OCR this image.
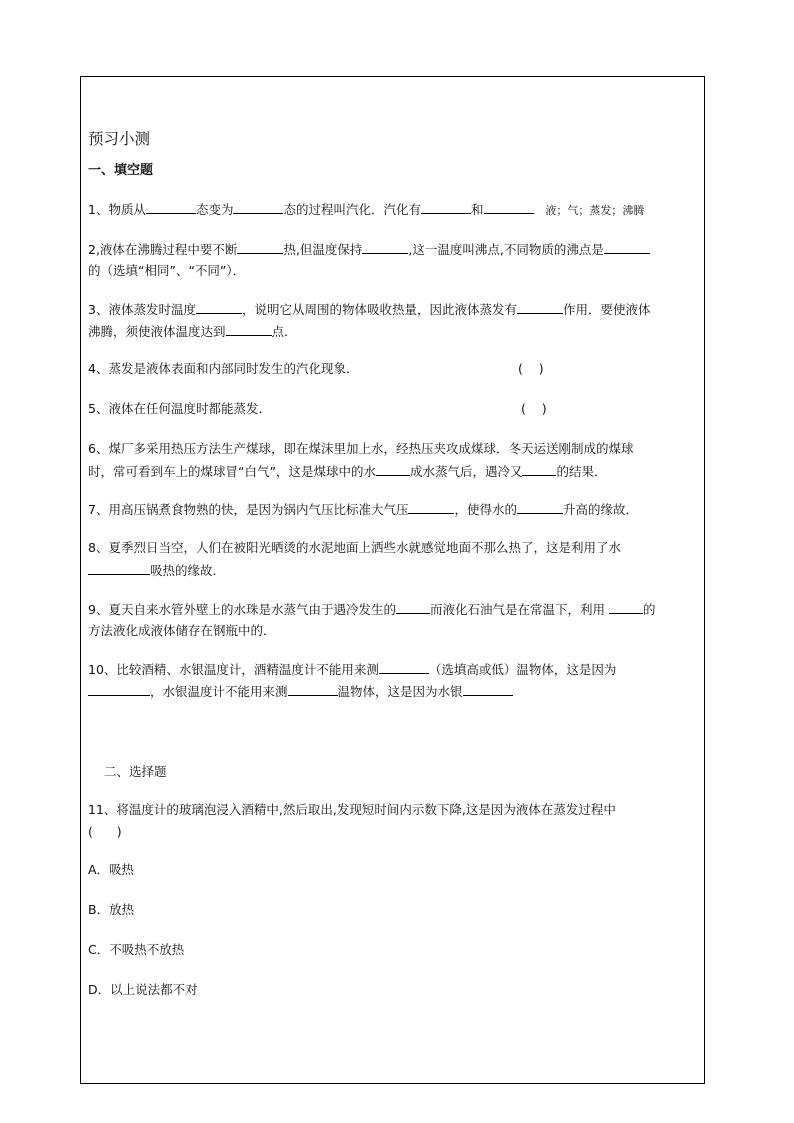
预习小测
一、填空题
1、物质从	态变为	态的过程叫汽化．汽化有	和	液；气；蒸发；沸腾
2,液体在沸腾过程中要不断	热,但温度保持	,这一温度叫沸点,不同物质的沸点是
的（选填“相同”、“不同”）．
3、液体蒸发时温度	，说明它从周围的物体吸收热量，因此液体蒸发有	作用．要使液体
沸腾，须使液体温度达到	点．
4、蒸发是液体表面和内部同时发生的汽化现象．	(    )
5、液体在任何温度时都能蒸发．	(    )
6、煤厂多采用热压方法生产煤球，即在煤沫里加上水，经热压夹攻成煤球．冬天运送刚制成的煤球
时，常可看到车上的煤球冒“白气”，这是煤球中的水	成水蒸气后，遇冷又	的结果．
7、用高压锅煮食物熟的快，是因为锅内气压比标准大气压	，使得水的	升高的缘故．
8、夏季烈日当空，人们在被阳光晒烫的水泥地面上洒些水就感觉地面不那么热了，这是利用了水
吸热的缘故．
9、夏天自来水管外壁上的水珠是水蒸气由于遇冷发生的	而液化石油气是在常温下，利用	的
方法液化成液体储存在钢瓶中的．
10、比较酒精、水银温度计，酒精温度计不能用来测	（选填高或低）温物体，这是因为
，水银温度计不能用来测	温物体，这是因为水银
二、选择题
11、将温度计的玻璃泡浸入酒精中,然后取出,发现短时间内示数下降,这是因为液体在蒸发过程中
(      )
A．吸热
B．放热
C．不吸热不放热
D．以上说法都不对
